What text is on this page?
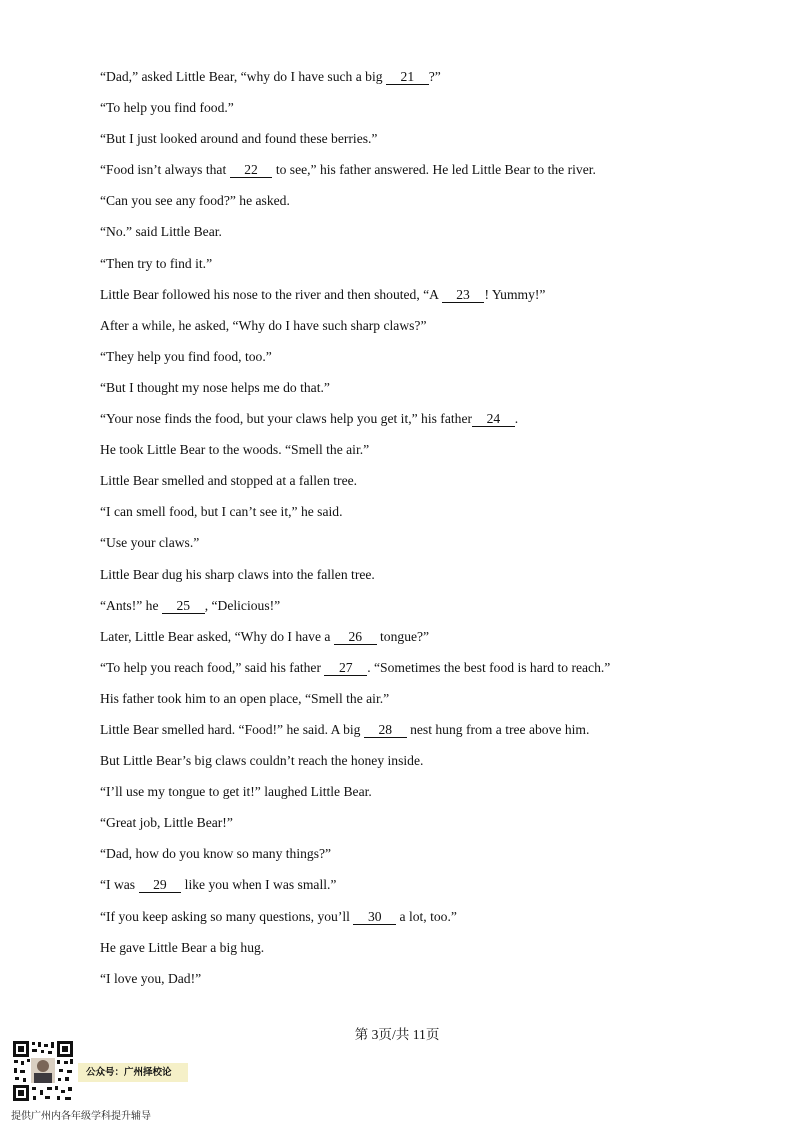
“Dad,” asked Little Bear, “why do I have such a big     21    ?”
“To help you find food.”
“But I just looked around and found these berries.”
“Food isn’t always that     22     to see,” his father answered. He led Little Bear to the river.
“Can you see any food?” he asked.
“No.” said Little Bear.
“Then try to find it.”
Little Bear followed his nose to the river and then shouted, “A     23    ! Yummy!”
After a while, he asked, “Why do I have such sharp claws?”
“They help you find food, too.”
“But I thought my nose helps me do that.”
“Your nose finds the food, but your claws help you get it,” his father    24    .
He took Little Bear to the woods. “Smell the air.”
Little Bear smelled and stopped at a fallen tree.
“I can smell food, but I can’t see it,” he said.
“Use your claws.”
Little Bear dug his sharp claws into the fallen tree.
“Ants!” he     25    , “Delicious!”
Later, Little Bear asked, “Why do I have a     26     tongue?”
“To help you reach food,” said his father     27    . “Sometimes the best food is hard to reach.”
His father took him to an open place, “Smell the air.”
Little Bear smelled hard. “Food!” he said. A big     28     nest hung from a tree above him.
But Little Bear’s big claws couldn’t reach the honey inside.
“I’ll use my tongue to get it!” laughed Little Bear.
“Great job, Little Bear!”
“Dad, how do you know so many things?”
“I was     29     like you when I was small.”
“If you keep asking so many questions, you’ll     30     a lot, too.”
He gave Little Bear a big hug.
“I love you, Dad!”
第 3页/共 11页
公众号：广州择校论
提供广州内各年级学科提升辅导
